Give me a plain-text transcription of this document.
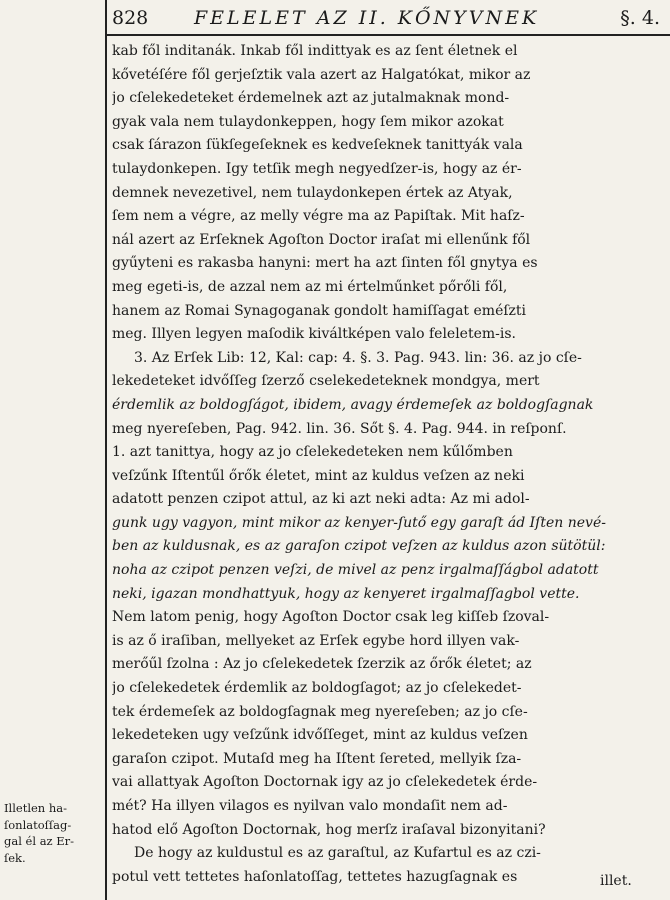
828 FELELET AZ II. KŐNYVNEK	§. 4.
kab fől inditanák. Inkab fől indittyak es az ſent életnek el
kővetéſére fől gerjeſztik vala azert az Halgatókat, mikor az
jo cſelekedeteket érdemelnek azt az jutalmaknak mond-
gyak vala nem tulaydonkeppen, hogy ſem mikor azokat
csak ſárazon ſükſegeſeknek es kedveſeknek tanittyák vala
tulaydonkepen. Igy tetſik megh negyedſzer-is, hogy az ér-
demnek nevezetivel, nem tulaydonkepen értek az Atyak,
ſem nem a végre, az melly végre ma az Papiſtak. Mit haſz-
nál azert az Erſeknek Agoſton Doctor iraſat mi ellenűnk fől
gyűyteni es rakasba hanyni: mert ha azt ſinten fől gnytya es
meg egeti-is, de azzal nem az mi értelműnket pőrőli fől,
hanem az Romai Synagoganak gondolt hamiſſagat eméſzti
meg. Illyen legyen maſodik kiváltképen valo feleletem-is.
3. Az Erſek Lib: 12, Kal: cap: 4. §. 3. Pag. 943. lin: 36. az jo cſe-
lekedeteket idvőſſeg ſzerző cselekedeteknek mondgya, mert
érdemlik az boldogſágot, ibidem, avagy érdemeſek az boldogſagnak
meg nyereſeben, Pag. 942. lin. 36. Sőt §. 4. Pag. 944. in reſponſ.
1. azt tanittya, hogy az jo cſelekedeteken nem kűlőmben
veſzűnk Iſtentűl őrők életet, mint az kuldus veſzen az neki
adatott penzen czipot attul, az ki azt neki adta: Az mi adol-
gunk ugy vagyon, mint mikor az kenyer-ſutő egy garaſt ád Iſten nevé-
ben az kuldusnak, es az garaſon czipot veſzen az kuldus azon sütötül:
noha az czipot penzen veſzi, de mivel az penz irgalmaſſágbol adatott
neki, igazan mondhattyuk, hogy az kenyeret irgalmaſſagbol vette.
Nem latom penig, hogy Agoſton Doctor csak leg kiſſeb ſzoval-
is az ő iraſiban, mellyeket az Erſek egybe hord illyen vak-
merőűl ſzolna : Az jo cſelekedetek ſzerzik az őrők életet; az
jo cſelekedetek érdemlik az boldogſagot; az jo cſelekedet-
tek érdemeſek az boldogſagnak meg nyereſeben; az jo cſe-
lekedeteken ugy veſzűnk idvőſſeget, mint az kuldus veſzen
garaſon czipot. Mutaſd meg ha Iſtent ſereted, mellyik ſza-
vai allattyak Agoſton Doctornak igy az jo cſelekedetek érde-
mét? Ha illyen vilagos es nyilvan valo mondaſit nem ad-
hatod elő Agoſton Doctornak, hog merſz iraſaval bizonyitani?
De hogy az kuldustul es az garaſtul, az Kufartul es az czi-
potul vett tettetes haſonlatoſſag, tettetes hazugſagnak es	illet.
Illetlen ha-
ſonlatoſſag-
gal él az Er-
ſek.
